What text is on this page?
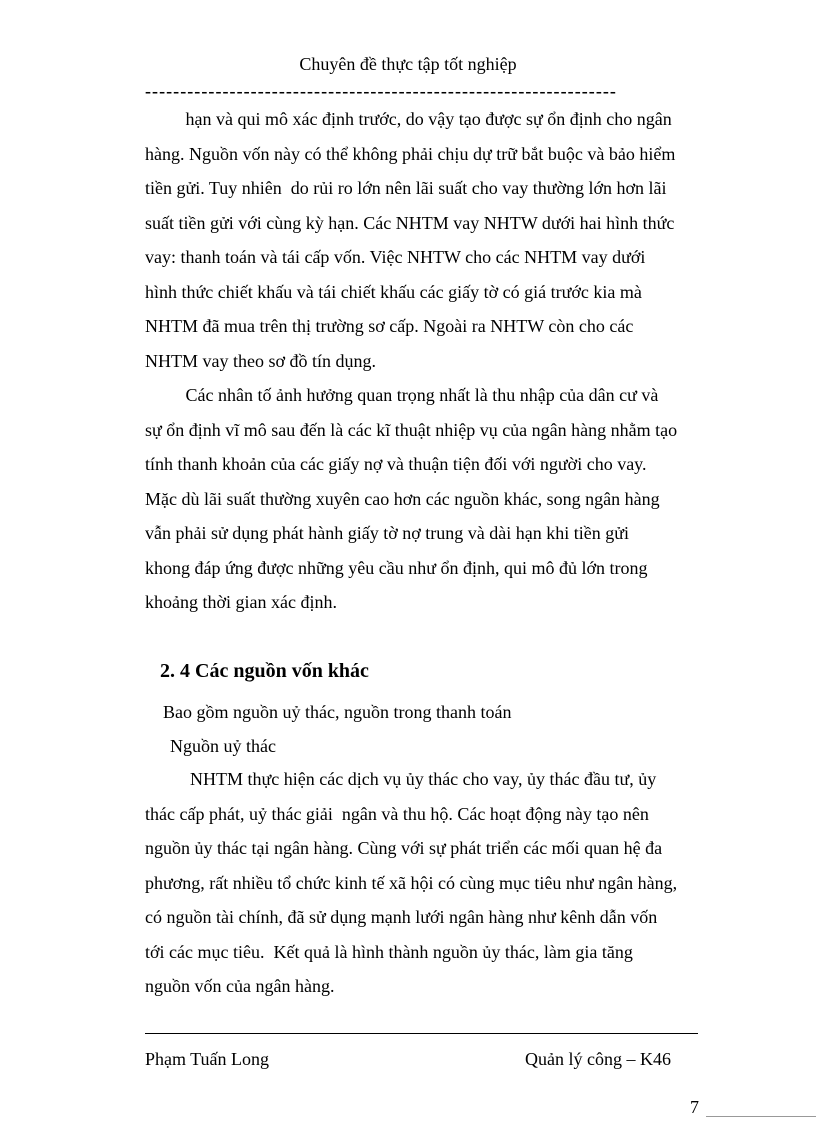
Chuyên đề thực tập tốt nghiệp
-------------------------------------------------------------------

hạn và qui mô xác định trước, do vậy tạo được sự ổn định cho ngân
hàng. Nguồn vốn này có thể không phải chịu dự trữ bắt buộc và bảo hiểm
tiền gửi. Tuy nhiên  do rủi ro lớn nên lãi suất cho vay thường lớn hơn lãi
suất tiền gửi với cùng kỳ hạn. Các NHTM vay NHTW dưới hai hình thức
vay: thanh toán và tái cấp vốn. Việc NHTW cho các NHTM vay dưới
hình thức chiết khấu và tái chiết khấu các giấy tờ có giá trước kia mà
NHTM đã mua trên thị trường sơ cấp. Ngoài ra NHTW còn cho các
NHTM vay theo sơ đồ tín dụng.

Các nhân tố ảnh hưởng quan trọng nhất là thu nhập của dân cư và
sự ổn định vĩ mô sau đến là các kĩ thuật nhiệp vụ của ngân hàng nhằm tạo
tính thanh khoản của các giấy nợ và thuận tiện đối với người cho vay.
Mặc dù lãi suất thường xuyên cao hơn các nguồn khác, song ngân hàng
vẫn phải sử dụng phát hành giấy tờ nợ trung và dài hạn khi tiền gửi
khong đáp ứng được những yêu cầu như ổn định, qui mô đủ lớn trong
khoảng thời gian xác định.

2. 4 Các nguồn vốn khác
Bao gồm nguồn uỷ thác, nguồn trong thanh toán
Nguồn uỷ thác

NHTM thực hiện các dịch vụ ủy thác cho vay, ủy thác đầu tư, ủy
thác cấp phát, uỷ thác giải  ngân và thu hộ. Các hoạt động này tạo nên
nguồn ủy thác tại ngân hàng. Cùng với sự phát triển các mối quan hệ đa
phương, rất nhiều tổ chức kinh tế xã hội có cùng mục tiêu như ngân hàng,
có nguồn tài chính, đã sử dụng mạnh lưới ngân hàng như kênh dẫn vốn
tới các mục tiêu.  Kết quả là hình thành nguồn ủy thác, làm gia tăng
nguồn vốn của ngân hàng.

Phạm Tuấn Long	Quản lý công – K46
7
